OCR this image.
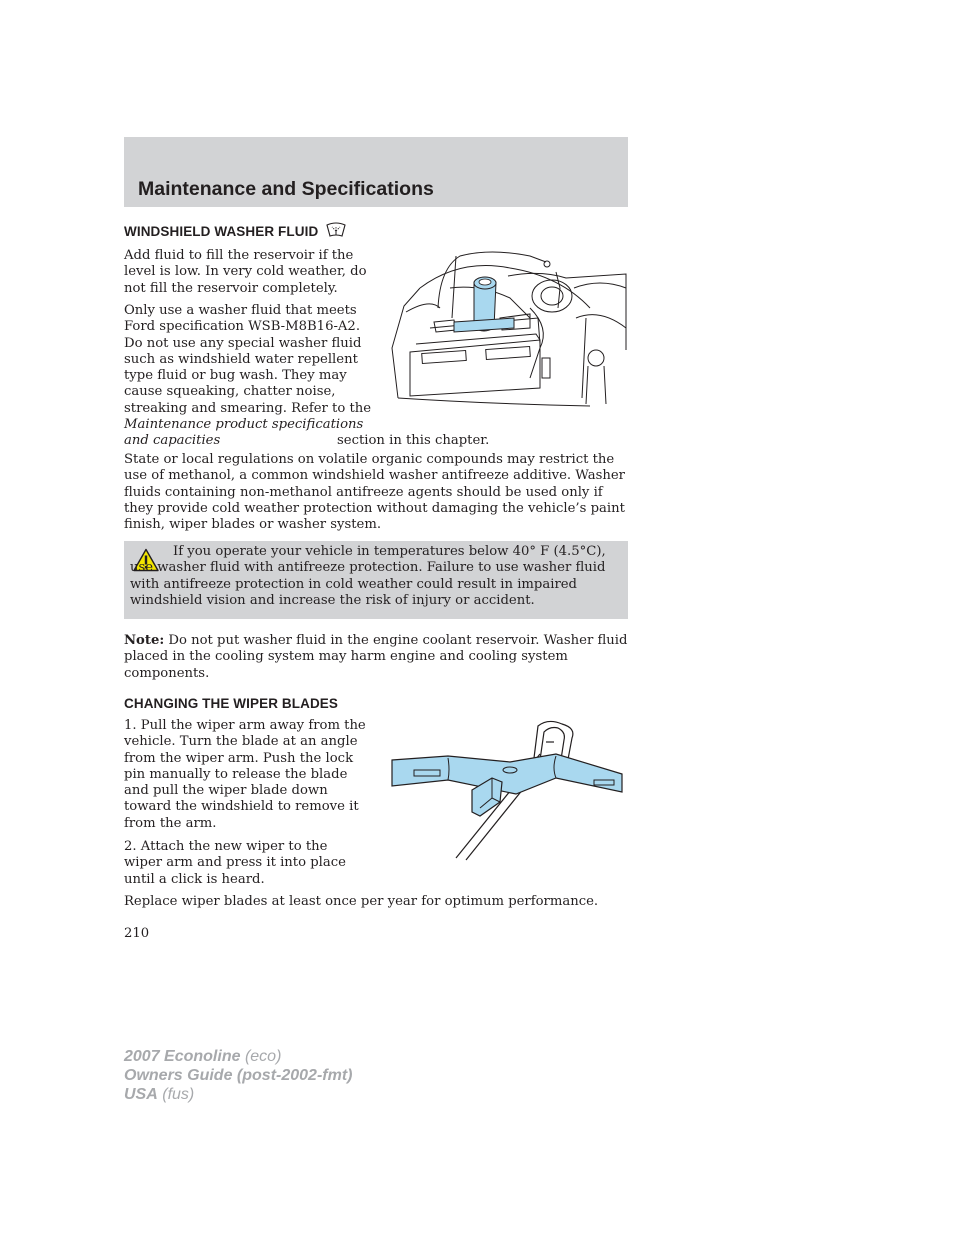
Maintenance and Specifications
WINDSHIELD WASHER FLUID

Add fluid to fill the reservoir if the level is low. In very cold weather, do not fill the reservoir completely.

Only use a washer fluid that meets Ford specification WSB-M8B16-A2. Do not use any special washer fluid such as windshield water repellent type fluid or bug wash. They may cause squeaking, chatter noise, streaking and smearing. Refer to the Maintenance product specifications and capacities	section in this chapter.

State or local regulations on volatile organic compounds may restrict the use of methanol, a common windshield washer antifreeze additive. Washer fluids containing non-methanol antifreeze agents should be used only if they provide cold weather protection without damaging the vehicle’s paint finish, wiper blades or washer system.

If you operate your vehicle in temperatures below 40° F (4.5°C), use washer fluid with antifreeze protection. Failure to use washer fluid with antifreeze protection in cold weather could result in impaired windshield vision and increase the risk of injury or accident.

Note: Do not put washer fluid in the engine coolant reservoir. Washer fluid placed in the cooling system may harm engine and cooling system components.

CHANGING THE WIPER BLADES

1. Pull the wiper arm away from the vehicle. Turn the blade at an angle from the wiper arm. Push the lock pin manually to release the blade and pull the wiper blade down toward the windshield to remove it from the arm.

2. Attach the new wiper to the wiper arm and press it into place until a click is heard.

Replace wiper blades at least once per year for optimum performance.

210

2007 Econoline (eco)
Owners Guide (post-2002-fmt)
USA (fus)
